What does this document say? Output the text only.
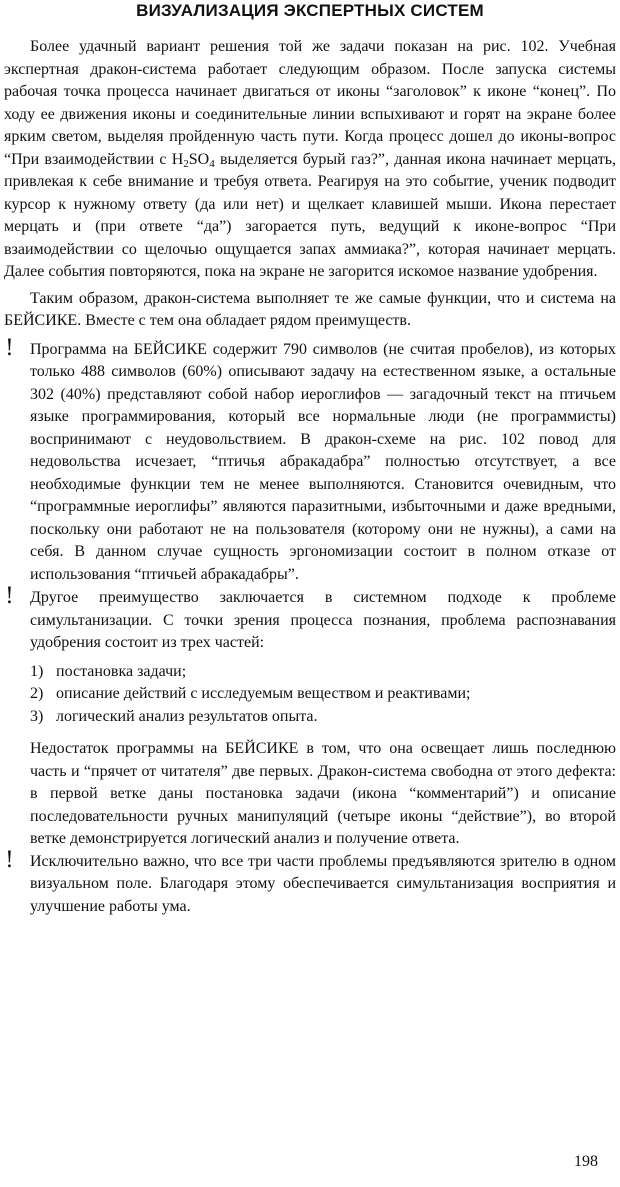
ВИЗУАЛИЗАЦИЯ ЭКСПЕРТНЫХ СИСТЕМ

Более удачный вариант решения той же задачи показан на рис. 102. Учебная экспертная дракон-система работает следующим образом. После запуска системы рабочая точка процесса начинает двигаться от иконы “заголовок” к иконе “конец”. По ходу ее движения иконы и соединительные линии вспыхивают и горят на экране более ярким светом, выделяя пройденную часть пути. Когда процесс дошел до иконы-вопрос “При взаимодействии с $H_2SO_4$ выделяется бурый газ?”, данная икона начинает мерцать, привлекая к себе внимание и требуя ответа. Реагируя на это событие, ученик подводит курсор к нужному ответу (да или нет) и щелкает клавишей мыши. Икона перестает мерцать и (при ответе “да”) загорается путь, ведущий к иконе-вопрос “При взаимодействии со щелочью ощущается запах аммиака?”, которая начинает мерцать. Далее события повторяются, пока на экране не загорится искомое название удобрения.

Таким образом, дракон-система выполняет те же самые функции, что и система на БЕЙСИКЕ. Вместе с тем она обладает рядом преимуществ.

! Программа на БЕЙСИКЕ содержит 790 символов (не считая пробелов), из которых только 488 символов (60%) описывают задачу на естественном языке, а остальные 302 (40%) представляют собой набор иероглифов — загадочный текст на птичьем языке программирования, который все нормальные люди (не программисты) воспринимают с неудовольствием. В дракон-схеме на рис. 102 повод для недовольства исчезает, “птичья абракадабра” полностью отсутствует, а все необходимые функции тем не менее выполняются. Становится очевидным, что “программные иероглифы” являются паразитными, избыточными и даже вредными, поскольку они работают не на пользователя (которому они не нужны), а сами на себя. В данном случае сущность эргономизации состоит в полном отказе от использования “птичьей абракадабры”.

! Другое преимущество заключается в системном подходе к проблеме симультанизации. С точки зрения процесса познания, проблема распознавания удобрения состоит из трех частей:

1) постановка задачи;
2) описание действий с исследуемым веществом и реактивами;
3) логический анализ результатов опыта.

Недостаток программы на БЕЙСИКЕ в том, что она освещает лишь последнюю часть и “прячет от читателя” две первых. Дракон-система свободна от этого дефекта: в первой ветке даны постановка задачи (икона “комментарий”) и описание последовательности ручных манипуляций (четыре иконы “действие”), во второй ветке демонстрируется логический анализ и получение ответа.

! Исключительно важно, что все три части проблемы предъявляются зрителю в одном визуальном поле. Благодаря этому обеспечивается симультанизация восприятия и улучшение работы ума.

198
